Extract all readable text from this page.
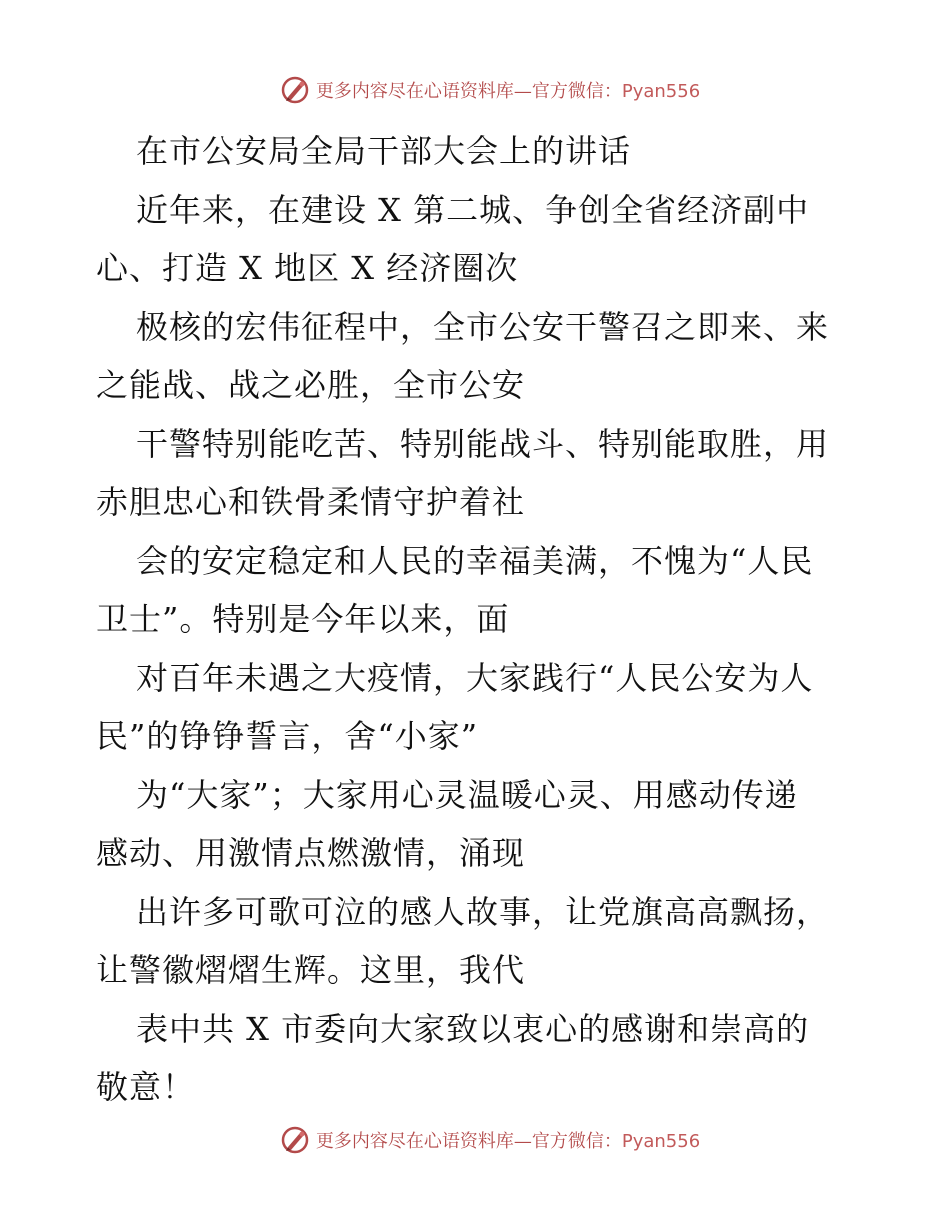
更多内容尽在心语资料库—官方微信：Pyan556
在市公安局全局干部大会上的讲话
近年来，在建设 X 第二城、争创全省经济副中
心、打造 X 地区 X 经济圈次
极核的宏伟征程中，全市公安干警召之即来、来
之能战、战之必胜，全市公安
干警特别能吃苦、特别能战斗、特别能取胜，用
赤胆忠心和铁骨柔情守护着社
会的安定稳定和人民的幸福美满，不愧为“人民
卫士”。特别是今年以来，面
对百年未遇之大疫情，大家践行“人民公安为人
民”的铮铮誓言，舍“小家”
为“大家”；大家用心灵温暖心灵、用感动传递
感动、用激情点燃激情，涌现
出许多可歌可泣的感人故事，让党旗高高飘扬，
让警徽熠熠生辉。这里，我代
表中共 X 市委向大家致以衷心的感谢和崇高的
敬意！
更多内容尽在心语资料库—官方微信：Pyan556
